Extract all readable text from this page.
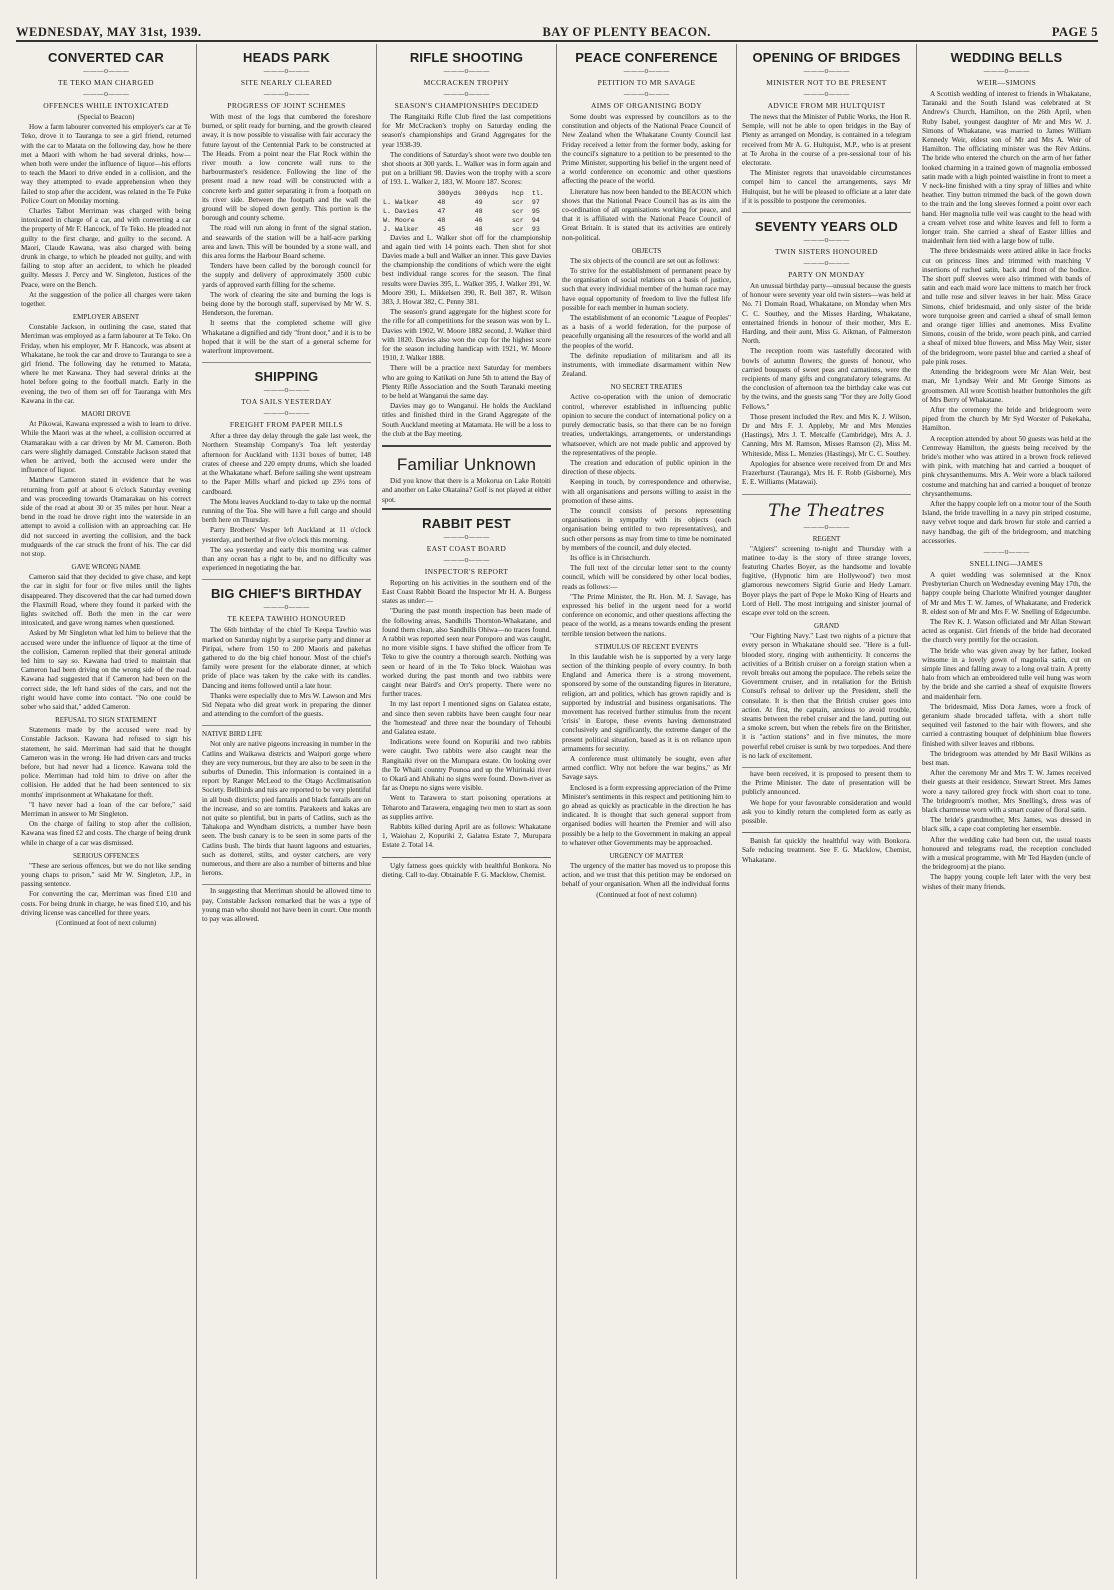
WEDNESDAY, MAY 31st, 1939.	BAY OF PLENTY BEACON.	PAGE 5
CONVERTED CAR
———o———
TE TEKO MAN CHARGED
———o———
OFFENCES WHILE INTOXICATED
(Special to Beacon)

How a farm labourer converted his employer's car at Te Teko, drove it to Tauranga to see a girl friend, returned with the car to Matata on the following day, how he there met a Maori with whom he had several drinks, how—when both were under the influence of liquor—his efforts to teach the Maori to drive ended in a collision, and the way they attempted to evade apprehension when they failed to stop after the accident, was related in the Te Puke Police Court on Monday morning.

Charles Talbot Merriman was charged with being intoxicated in charge of a car, and with converting a car the property of Mr F. Hancock, of Te Teko. He pleaded not guilty to the first charge, and guilty to the second. A Maori, Claude Kawana, was also charged with being drunk in charge, to which he pleaded not guilty, and with failing to stop after an accident, to which he pleaded guilty. Messrs J. Percy and W. Singleton, Justices of the Peace, were on the Bench.

At the suggestion of the police all charges were taken together.

EMPLOYER ABSENT

Constable Jackson, in outlining the case, stated that Merriman was employed as a farm labourer at Te Teko. On Friday, when his employer, Mr F. Hancock, was absent at Whakatane, he took the car and drove to Tauranga to see a girl friend. The following day he returned to Matata, where he met Kawana. They had several drinks at the hotel before going to the football match. Early in the evening, the two of them set off for Tauranga with Mrs Kawana in the car.

MAORI DROVE

At Pikowai, Kawana expressed a wish to learn to drive. While the Maori was at the wheel, a collision occurred at Otamarakau with a car driven by Mr M. Cameron. Both cars were slightly damaged. Constable Jackson stated that when he arrived, both the accused were under the influence of liquor.

Matthew Cameron stated in evidence that he was returning from golf at about 6 o'clock Saturday evening and was proceeding towards Otamarakau on his correct side of the road at about 30 or 35 miles per hour. Near a bend in the road he drove right into the waterside in an attempt to avoid a collision with an approaching car. He did not succeed in averting the collision, and the back mudguards of the car struck the front of his. The car did not stop.

GAVE WRONG NAME

Cameron said that they decided to give chase, and kept the car in sight for four or five miles until the lights disappeared. They discovered that the car had turned down the Flaxmill Road, where they found it parked with the lights switched off. Both the men in the car were intoxicated, and gave wrong names when questioned.

Asked by Mr Singleton what led him to believe that the accused were under the influence of liquor at the time of the collision, Cameron replied that their general attitude led him to say so. Kawana had tried to maintain that Cameron had been driving on the wrong side of the road. Kawana had suggested that if Cameron had been on the correct side, the left hand sides of the cars, and not the right would have come into contact. "No one could be sober who said that," added Cameron.

REFUSAL TO SIGN STATEMENT

Statements made by the accused were read by Constable Jackson. Kawana had refused to sign his statement, he said. Merriman had said that he thought Cameron was in the wrong. He had driven cars and trucks before, but had never had a licence. Kawana told the police. Merriman had told him to drive on after the collision. He added that he had been sentenced to six months' imprisonment at Whakatane for theft.

"I have never had a loan of the car before," said Merriman in answer to Mr Singleton.

On the charge of failing to stop after the collision, Kawana was fined £2 and costs. The charge of being drunk while in charge of a car was dismissed.

SERIOUS OFFENCES

"These are serious offences, but we do not like sending young chaps to prison," said Mr W. Singleton, J.P., in passing sentence.

For converting the car, Merriman was fined £10 and costs. For being drunk in charge, he was fined £10, and his driving license was cancelled for three years.

(Continued at foot of next column)

HEADS PARK
———o———
SITE NEARLY CLEARED
———o———
PROGRESS OF JOINT SCHEMES

With most of the logs that cumbered the foreshore burned, or split ready for burning, and the growth cleared away, it is now possible to visualise with fair accuracy the future layout of the Centennial Park to be constructed at The Heads. From a point near the Flat Rock within the river mouth a low concrete wall runs to the harbourmaster's residence. Following the line of the present road a new road will be constructed with a concrete kerb and gutter separating it from a footpath on its river side. Between the footpath and the wall the ground will be sloped down gently. This portion is the borough and county scheme.

The road will run along in front of the signal station, and seawards of the station will be a half-acre parking area and lawn. This will be bounded by a stone wall, and this area forms the Harbour Board scheme.

Tenders have been called by the borough council for the supply and delivery of approximately 3500 cubic yards of approved earth filling for the scheme.

The work of clearing the site and burning the logs is being done by the borough staff, supervised by Mr W. S. Henderson, the foreman.

It seems that the completed scheme will give Whakatane a dignified and tidy "front door," and it is to be hoped that it will be the start of a general scheme for waterfront improvement.

SHIPPING
———o———
TOA SAILS YESTERDAY
———o———
FREIGHT FROM PAPER MILLS

After a three day delay through the gale last week, the Northern Steamship Company's Toa left yesterday afternoon for Auckland with 1131 boxes of butter, 148 crates of cheese and 220 empty drums, which she loaded at the Whakatane wharf. Before sailing she went upstream to the Paper Mills wharf and picked up 23½ tons of cardboard.

The Motu leaves Auckland to-day to take up the normal running of the Toa. She will have a full cargo and should berth here on Thursday.

Parry Brothers' Vesper left Auckland at 11 o'clock yesterday, and berthed at five o'clock this morning.

The sea yesterday and early this morning was calmer than any ocean has a right to be, and no difficulty was experienced in negotiating the bar.

BIG CHIEF'S BIRTHDAY
———o———
TE KEEPA TAWHIO HONOURED

The 66th birthday of the chief Te Keepa Tawhio was marked on Saturday night by a surprise party and dinner at Piripai, where from 150 to 200 Maoris and pakehas gathered to do the big chief honour. Most of the chief's family were present for the elaborate dinner, at which pride of place was taken by the cake with its candles. Dancing and items followed until a late hour.

Thanks were especially due to Mrs W. Lawson and Mrs Sid Nepata who did great work in preparing the dinner and attending to the comfort of the guests.

NATIVE BIRD LIFE

Not only are native pigeons increasing in number in the Catlins and Waikawa districts and Waipori gorge where they are very numerous, but they are also to be seen in the suburbs of Dunedin. This information is contained in a report by Ranger McLeod to the Otago Acclimatisation Society. Bellbirds and tuis are reported to be very plentiful in all bush districts; pied fantails and black fantails are on the increase, and so are tomtits. Parakeets and kakas are not quite so plentiful, but in parts of Catlins, such as the Tahakopa and Wyndham districts, a number have been seen. The bush canary is to be seen in some parts of the Catlins bush. The birds that haunt lagoons and estuaries, such as dotterel, stilts, and oyster catchers, are very numerous, and there are also a number of bitterns and blue herons.

In suggesting that Merriman should be allowed time to pay, Constable Jackson remarked that he was a type of young man who should not have been in court. One month to pay was allowed.

RIFLE SHOOTING
———o———
MCCRACKEN TROPHY
———o———
SEASON'S CHAMPIONSHIPS DECIDED

The Rangitaiki Rifle Club fired the last competitions for Mr McCracken's trophy on Saturday ending the season's championships and Grand Aggregates for the year 1938-39.

The conditions of Saturday's shoot were two double ten shot shoots at 300 yards. L. Walker was in form again and put on a brilliant 98. Davies won the trophy with a score of 193. L. Walker 2, 183, W. Moore 187. Scores:

	300yds	300yds	hcp	tl.
L. Walker	48	49	scr	97
L. Davies	47	48	scr	95
W. Moore	48	46	scr	94
J. Walker	45	48	scr	93

Davies and L. Walker shot off for the championship and again tied with 14 points each. Then shot for shot Davies made a bull and Walker an inner. This gave Davies the championship the conditions of which were the eight best individual range scores for the season. The final results were Davies 395, L. Walker 395, J. Walker 391, W. Moore 390, L. Mikkelsen 390, R. Bell 387, R. Wilson 383, J. Howat 382, C. Penny 381.

The season's grand aggregate for the highest score for the rifle for all competitions for the season was won by L. Davies with 1902, W. Moore 1882 second, J. Walker third with 1820. Davies also won the cup for the highest score for the season including handicap with 1921, W. Moore 1910, J. Walker 1888.

There will be a practice next Saturday for members who are going to Katikati on June 5th to attend the Bay of Plenty Rifle Association and the South Taranaki meeting to be held at Wanganui the same day.

Davies may go to Wanganui. He holds the Auckland titles and finished third in the Grand Aggregate of the South Auckland meeting at Matamata. He will be a loss to the club at the Bay meeting.

Familiar Unknown

Did you know that there is a Mokorua on Lake Rotoiti and another on Lake Okataina? Golf is not played at either spot.

RABBIT PEST
———o———
EAST COAST BOARD
———o———
INSPECTOR'S REPORT

Reporting on his activities in the southern end of the East Coast Rabbit Board the Inspector Mr H. A. Burgess states as under:—

"During the past month inspection has been made of the following areas, Sandhills Thornton-Whakatane, and found them clean, also Sandhills Ohiwa—no traces found. A rabbit was reported seen near Poroporo and was caught, no more visible signs. I have shifted the officer from Te Teko to give the country a thorough search. Nothing was seen or heard of in the Te Teko block. Waiohau was worked during the past month and two rabbits were caught near Baird's and Orr's property. There were no further traces.

In my last report I mentioned signs on Galatea estate, and since then seven rabbits have been caught four near the 'homestead' and three near the boundary of Tehoubi and Galatea estate.

Indications were found on Kopuriki and two rabbits were caught. Two rabbits were also caught near the Rangitaiki river on the Murupara estate. On looking over the Te Whaiti country Pounoa and up the Whirinaki river to Okarā and Ahikahi no signs were found. Down-river as far as Onepu no signs were visible.

Went to Tarawera to start poisoning operations at Teharoto and Tarawera, engaging two men to start as soon as supplies arrive.

Rabbits killed during April are as follows: Whakatane 1, Waiohau 2, Kopuriki 2, Galatea Estate 7, Murupara Estate 2. Total 14.

Ugly fatness goes quickly with healthful Bonkora. No dieting. Call to-day. Obtainable F. G. Macklow, Chemist.

PEACE CONFERENCE
———o———
PETITION TO MR SAVAGE
———o———
AIMS OF ORGANISING BODY

Some doubt was expressed by councillors as to the constitution and objects of the National Peace Council of New Zealand when the Whakatane County Council last Friday received a letter from the former body, asking for the council's signature to a petition to be presented to the Prime Minister, supporting his belief in the urgent need of a world conference on economic and other questions affecting the peace of the world.

Literature has now been handed to the BEACON which shows that the National Peace Council has as its aim the co-ordination of all organisations working for peace, and that it is affiliated with the National Peace Council of Great Britain. It is stated that its activities are entirely non-political.

OBJECTS

The six objects of the council are set out as follows:

To strive for the establishment of permanent peace by the organisation of social relations on a basis of justice, such that every individual member of the human race may have equal opportunity of freedom to live the fullest life possible for each member in human society.

The establishment of an economic "League of Peoples" as a basis of a world federation, for the purpose of peacefully organising all the resources of the world and all the peoples of the world.

The definite repudiation of militarism and all its instruments, with immediate disarmament within New Zealand.

NO SECRET TREATIES

Active co-operation with the union of democratic control, wherever established in influencing public opinion to secure the conduct of international policy on a purely democratic basis, so that there can be no foreign treaties, undertakings, arrangements, or understandings whatsoever, which are not made public and approved by the representatives of the people.

The creation and education of public opinion in the direction of these objects.

Keeping in touch, by correspondence and otherwise, with all organisations and persons willing to assist in the promotion of these aims.

The council consists of persons representing organisations in sympathy with its objects (each organisation being entitled to two representatives), and such other persons as may from time to time be nominated by members of the council, and duly elected.

Its office is in Christchurch.

The full text of the circular letter sent to the county council, which will be considered by other local bodies, reads as follows:—

"The Prime Minister, the Rt. Hon. M. J. Savage, has expressed his belief in the urgent need for a world conference on economic, and other questions affecting the peace of the world, as a means towards ending the present terrible tension between the nations.

STIMULUS OF RECENT EVENTS

In this laudable wish he is supported by a very large section of the thinking people of every country. In both England and America there is a strong movement, sponsored by some of the outstanding figures in literature, religion, art and politics, which has grown rapidly and is supported by industrial and business organisations. The movement has received further stimulus from the recent 'crisis' in Europe, these events having demonstrated conclusively and significantly, the extreme danger of the present political situation, based as it is on reliance upon armaments for security.

A conference must ultimately be sought, even after armed conflict. Why not before the war begins," as Mr Savage says.

Enclosed is a form expressing appreciation of the Prime Minister's sentiments in this respect and petitioning him to go ahead as quickly as practicable in the direction he has indicated. It is thought that such general support from organised bodies will hearten the Premier and will also possibly be a help to the Government in making an appeal to whatever other Governments may be approached.

URGENCY OF MATTER

The urgency of the matter has moved us to propose this action, and we trust that this petition may be endorsed on behalf of your organisation. When all the individual forms

(Continued at foot of next column)

OPENING OF BRIDGES
———o———
MINISTER NOT TO BE PRESENT
———o———
ADVICE FROM MR HULTQUIST

The news that the Minister of Public Works, the Hon R. Semple, will not be able to open bridges in the Bay of Plenty as arranged on Monday, is contained in a telegram received from Mr A. G. Hultquist, M.P., who is at present at Te Aroha in the course of a pre-sessional tour of his electorate.

The Minister regrets that unavoidable circumstances compel him to cancel the arrangements, says Mr Hultquist, but he will be pleased to officiate at a later date if it is possible to postpone the ceremonies.

SEVENTY YEARS OLD
———o———
TWIN SISTERS HONOURED
———o———
PARTY ON MONDAY

An unusual birthday party—unusual because the guests of honour were seventy year old twin sisters—was held at No. 71 Domain Road, Whakatane, on Monday when Mrs C. C. Southey, and the Misses Harding, Whakatane, entertained friends in honour of their mother, Mrs E. Harding, and their aunt, Miss G. Aikman, of Palmerston North.

The reception room was tastefully decorated with bowls of autumn flowers; the guests of honour, who carried bouquets of sweet peas and carnations, were the recipients of many gifts and congratulatory telegrams. At the conclusion of afternoon tea the birthday cake was cut by the twins, and the guests sang "For they are Jolly Good Fellows."

Those present included the Rev. and Mrs K. J. Wilson, Dr and Mrs F. J. Appleby, Mr and Mrs Menzies (Hastings), Mrs J. T. Metcalfe (Cambridge), Mrs A. J. Canning, Mrs M. Ramson, Misses Ramson (2), Miss M. Whiteside, Miss L. Menzies (Hastings), Mr C. C. Southey.

Apologies for absence were received from Dr and Mrs Frazerhurst (Tauranga), Mrs H. F. Robb (Gisborne), Mrs E. E. Williams (Matawai).

The Theatres
———o———
REGENT

"Algiers" screening to-night and Thursday with a matinee to-day is the story of three strange lovers, featuring Charles Boyer, as the handsome and lovable fugitive, (Hypnotic him are Hollywood') two most glamorous newcomers Sigrid Gurie and Hedy Lamarr. Boyer plays the part of Pepe le Moko King of Hearts and Lord of Hell. The most intriguing and sinister journal of escape ever told on the screen.

GRAND

"Our Fighting Navy." Last two nights of a picture that every person in Whakatane should see. "Here is a full-blooded story, ringing with authenticity. It concerns the activities of a British cruiser on a foreign station when a revolt breaks out among the populace. The rebels seize the Government cruiser, and in retaliation for the British Consul's refusal to deliver up the President, shell the consulate. It is then that the British cruiser goes into action. At first, the captain, anxious to avoid trouble, steams between the rebel cruiser and the land, putting out a smoke screen, but when the rebels fire on the Britisher, it is "action stations" and in five minutes, the more powerful rebel cruiser is sunk by two torpedoes. And there is no lack of excitement.

have been received, it is proposed to present them to the Prime Minister. The date of presentation will be publicly announced.

We hope for your favourable consideration and would ask you to kindly return the completed form as early as possible.

Banish fat quickly the healthful way with Bonkora. Safe reducing treatment. See F. G. Macklow, Chemist, Whakatane.

WEDDING BELLS
———o———
WEIR—SIMONS

A Scottish wedding of interest to friends in Whakatane, Taranaki and the South Island was celebrated at St Andrew's Church, Hamilton, on the 26th April, when Ruby Isabel, youngest daughter of Mr and Mrs W. J. Simons of Whakatane, was married to James William Kennedy Weir, eldest son of Mr and Mrs A. Weir of Hamilton. The officiating minister was the Rev Atkins. The bride who entered the church on the arm of her father looked charming in a trained gown of magnolia embossed satin made with a high pointed waistline in front to meet a V neck-line finished with a tiny spray of lillies and white heather. Tiny button trimmed the back of the gown down to the train and the long sleeves formed a point over each hand. Her magnolia tulle veil was caught to the head with a cream velvet rose and white leaves and fell to form a longer train. She carried a sheaf of Easter lillies and maidenhair fern tied with a large bow of tulle.

The three bridesmaids were attired alike in lace frocks cut on princess lines and trimmed with matching V insertions of ruched satin, back and front of the bodice. The short puff sleeves were also trimmed with bands of satin and each maid wore lace mittens to match her frock and tulle rose and silver leaves in her hair. Miss Grace Simons, chief bridesmaid, and only sister of the bride wore turquoise green and carried a sheaf of small lemon and orange tiger lillies and anemones. Miss Evaline Simons, cousin of the bride, wore peach pink, and carried a sheaf of mixed blue flowers, and Miss May Weir, sister of the bridegroom, wore pastel blue and carried a sheaf of pale pink roses.

Attending the bridegroom were Mr Alan Weir, best man, Mr Lyndsay Weir and Mr George Simons as groomsmen. All wore Scottish heather buttonholes the gift of Mrs Berry of Whakatane.

After the ceremony the bride and bridegroom were piped from the church by Mr Syd Worster of Pukekaha, Hamilton.

A reception attended by about 50 guests was held at the Centreway Hamilton, the guests being received by the bride's mother who was attired in a brown frock relieved with pink, with matching hat and carried a bouquet of pink chrysanthemums. Mrs A. Weir wore a black tailored costume and matching hat and carried a bouquet of bronze chrysanthemums.

After the happy couple left on a motor tour of the South Island, the bride travelling in a navy pin striped costume, navy velvet toque and dark brown fur stole and carried a navy handbag, the gift of the bridegroom, and matching accessories.

———o———
SNELLING—JAMES

A quiet wedding was solemnised at the Knox Presbyterian Church on Wednesday evening May 17th, the happy couple being Charlotte Winifred younger daughter of Mr and Mrs T. W. James, of Whakatane, and Frederick R. eldest son of Mr and Mrs F. W. Snelling of Edgecumbe.

The Rev K. J. Watson officiated and Mr Allan Stewart acted as organist. Girl friends of the bride had decorated the church very prettily for the occasion.

The bride who was given away by her father, looked winsome in a lovely gown of magnolia satin, cut on simple lines and falling away to a long oval train. A pretty halo from which an embroidered tulle veil hung was worn by the bride and she carried a sheaf of exquisite flowers and maidenhair fern.

The bridesmaid, Miss Dora James, wore a frock of geranium shade brocaded taffeta, with a short tulle sequined veil fastened to the hair with flowers, and she carried a contrasting bouquet of delphinium blue flowers finished with silver leaves and ribbons.

The bridegroom was attended by Mr Basil Wilkins as best man.

After the ceremony Mr and Mrs T. W. James received their guests at their residence, Stewart Street. Mrs James wore a navy tailored grey frock with short coat to tone. The bridegroom's mother, Mrs Snelling's, dress was of black charmeuse worn with a smart coatee of floral satin.

The bride's grandmother, Mrs James, was dressed in black silk, a cape coat completing her ensemble.

After the wedding cake had been cut, the usual toasts honoured and telegrams read, the reception concluded with a musical programme, with Mr Ted Hayden (uncle of the bridegroom) at the piano.

The happy young couple left later with the very best wishes of their many friends.
